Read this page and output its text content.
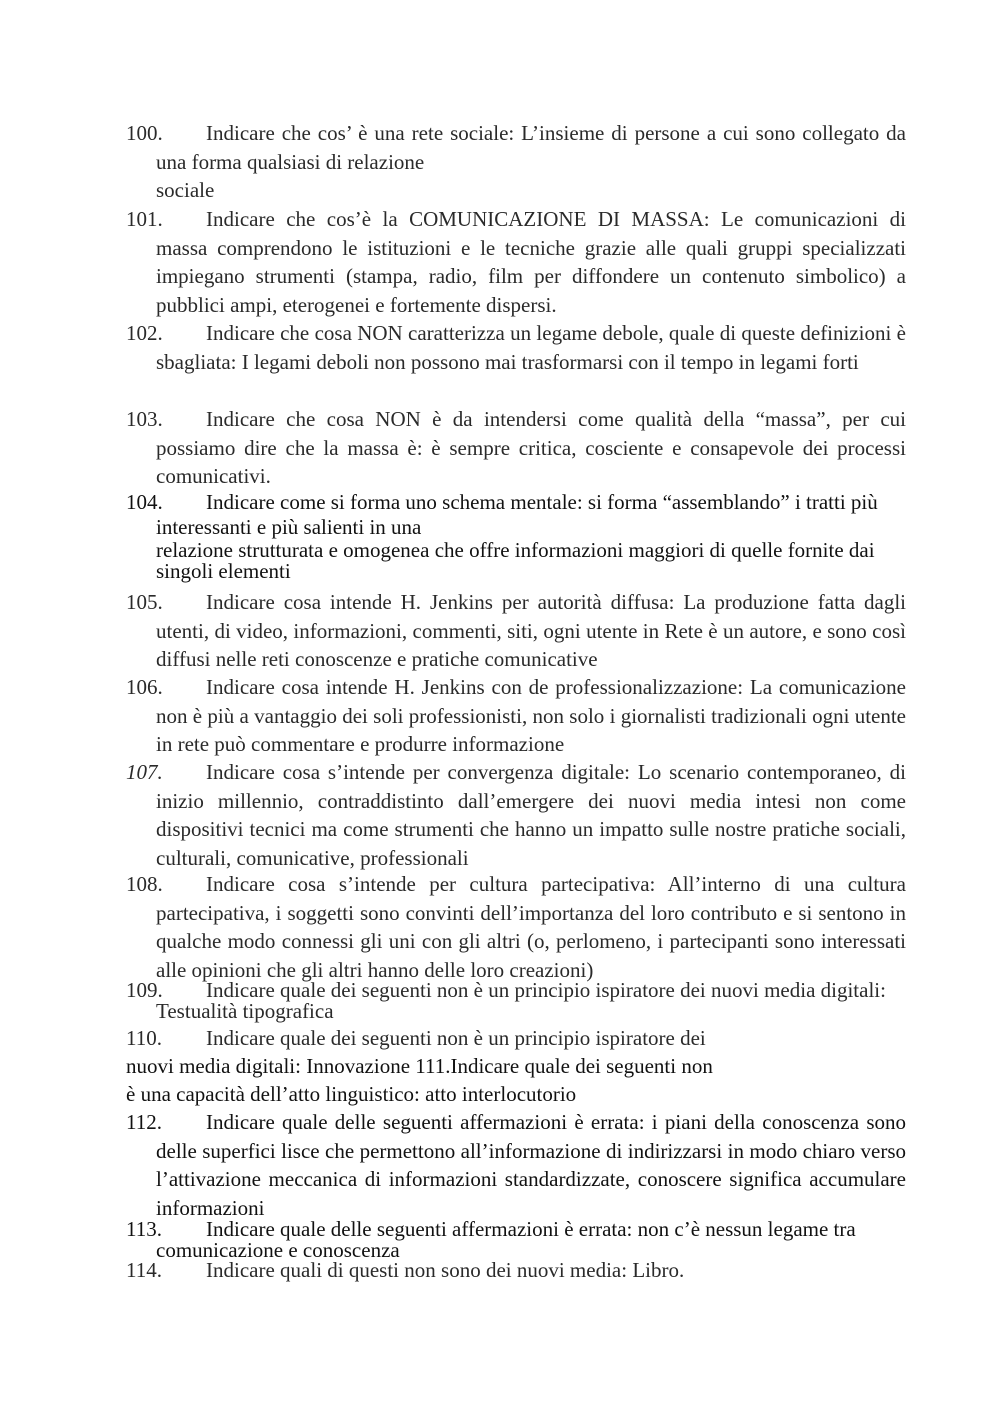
100.	Indicare che cos’ è una rete sociale: L’insieme di persone a cui sono collegato da una forma qualsiasi di relazione
sociale
101.	Indicare che cos’è la COMUNICAZIONE DI MASSA: Le comunicazioni di massa comprendono le istituzioni e le tecniche grazie alle quali gruppi specializzati impiegano strumenti (stampa, radio, film per diffondere un contenuto simbolico) a pubblici ampi, eterogenei e fortemente dispersi.
102.	Indicare che cosa NON caratterizza un legame debole, quale di queste definizioni è sbagliata: I legami deboli non possono mai trasformarsi con il tempo in legami forti
103.	Indicare che cosa NON è da intendersi come qualità della “massa”, per cui possiamo dire che la massa è: è sempre critica, cosciente e consapevole dei processi comunicativi.
104.	Indicare come si forma uno schema mentale: si forma “assemblando” i tratti più interessanti e più salienti in una
relazione strutturata e omogenea che offre informazioni maggiori di quelle fornite dai singoli elementi
105.	Indicare cosa intende H. Jenkins per autorità diffusa: La produzione fatta dagli utenti, di video, informazioni, commenti, siti, ogni utente in Rete è un autore, e sono così diffusi nelle reti conoscenze e pratiche comunicative
106.	Indicare cosa intende H. Jenkins con de professionalizzazione: La comunicazione non è più a vantaggio dei soli professionisti, non solo i giornalisti tradizionali ogni utente in rete può commentare e produrre informazione
107.	Indicare cosa s’intende per convergenza digitale: Lo scenario contemporaneo, di inizio millennio, contraddistinto dall’emergere dei nuovi media intesi non come dispositivi tecnici ma come strumenti che hanno un impatto sulle nostre pratiche sociali, culturali, comunicative, professionali
108.	Indicare cosa s’intende per cultura partecipativa: All’interno di una cultura partecipativa, i soggetti sono convinti dell’importanza del loro contributo e si sentono in qualche modo connessi gli uni con gli altri (o, perlomeno, i partecipanti sono interessati alle opinioni che gli altri hanno delle loro creazioni)
109.	Indicare quale dei seguenti non è un principio ispiratore dei nuovi media digitali: Testualità tipografica
110.	Indicare quale dei seguenti non è un principio ispiratore dei
nuovi media digitali: Innovazione 111.Indicare quale dei seguenti non
è una capacità dell’atto linguistico: atto interlocutorio
112.	Indicare quale delle seguenti affermazioni è errata: i piani della conoscenza sono delle superfici lisce che permettono all’informazione di indirizzarsi in modo chiaro verso l’attivazione meccanica di informazioni standardizzate, conoscere significa accumulare informazioni
113.	Indicare quale delle seguenti affermazioni è errata: non c’è nessun legame tra comunicazione e conoscenza
114.	Indicare quali di questi non sono dei nuovi media: Libro.
